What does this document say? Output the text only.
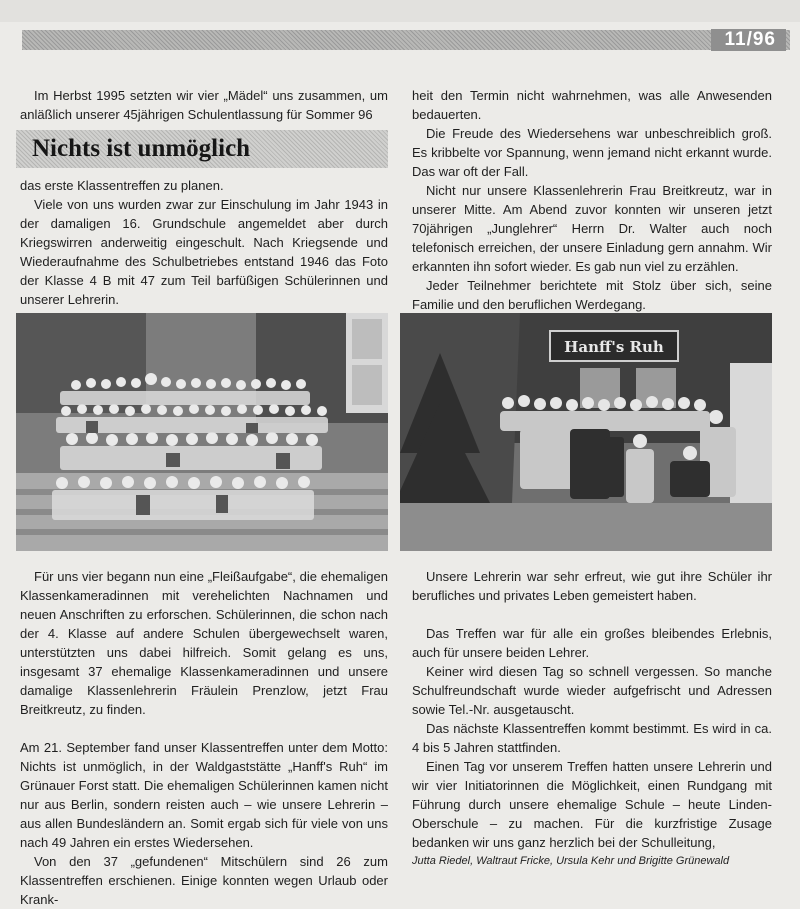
11/96

Im Herbst 1995 setzten wir vier „Mädel“ uns zusammen, um anläßlich unserer 45jährigen Schulentlassung für Sommer 96

Nichts ist unmöglich

das erste Klassentreffen zu planen.

Viele von uns wurden zwar zur Einschulung im Jahr 1943 in der damaligen 16. Grundschule angemeldet aber durch Kriegswirren anderweitig eingeschult. Nach Kriegsende und Wiederaufnahme des Schulbetriebes entstand 1946 das Foto der Klasse 4 B mit 47 zum Teil barfüßigen Schülerinnen und unserer Lehrerin.

heit den Termin nicht wahrnehmen, was alle Anwesenden bedauerten.

Die Freude des Wiedersehens war unbeschreiblich groß. Es kribbelte vor Spannung, wenn jemand nicht erkannt wurde. Das war oft der Fall.

Nicht nur unsere Klassenlehrerin Frau Breitkreutz, war in unserer Mitte. Am Abend zuvor konnten wir unseren jetzt 70jährigen „Junglehrer“ Herrn Dr. Walter auch noch telefonisch erreichen, der unsere Einladung gern annahm. Wir erkannten ihn sofort wieder. Es gab nun viel zu erzählen.

Jeder Teilnehmer berichtete mit Stolz über sich, seine Familie und den beruflichen Werdegang.

Hanff's Ruh

Für uns vier begann nun eine „Fleißaufgabe“, die ehemaligen Klassenkameradinnen mit verehelichten Nachnamen und neuen Anschriften zu erforschen. Schülerinnen, die schon nach der 4. Klasse auf andere Schulen übergewechselt waren, unterstützten uns dabei hilfreich. Somit gelang es uns, insgesamt 37 ehemalige Klassenkameradinnen und unsere damalige Klassenlehrerin Fräulein Prenzlow, jetzt Frau Breitkreutz, zu finden.

Am 21. September fand unser Klassentreffen unter dem Motto: Nichts ist unmöglich, in der Waldgaststätte „Hanff's Ruh“ im Grünauer Forst statt. Die ehemaligen Schülerinnen kamen nicht nur aus Berlin, sondern reisten auch – wie unsere Lehrerin – aus allen Bundesländern an. Somit ergab sich für viele von uns nach 49 Jahren ein erstes Wiedersehen.

Von den 37 „gefundenen“ Mitschülern sind 26 zum Klassentreffen erschienen. Einige konnten wegen Urlaub oder Krank-

Unsere Lehrerin war sehr erfreut, wie gut ihre Schüler ihr berufliches und privates Leben gemeistert haben.

Das Treffen war für alle ein großes bleibendes Erlebnis, auch für unsere beiden Lehrer.

Keiner wird diesen Tag so schnell vergessen. So manche Schulfreundschaft wurde wieder aufgefrischt und Adressen sowie Tel.-Nr. ausgetauscht.

Das nächste Klassentreffen kommt bestimmt. Es wird in ca. 4 bis 5 Jahren stattfinden.

Einen Tag vor unserem Treffen hatten unsere Lehrerin und wir vier Initiatorinnen die Möglichkeit, einen Rundgang mit Führung durch unsere ehemalige Schule – heute Linden-Oberschule – zu machen. Für die kurzfristige Zusage bedanken wir uns ganz herzlich bei der Schulleitung,

Jutta Riedel, Waltraut Fricke, Ursula Kehr und Brigitte Grünewald
